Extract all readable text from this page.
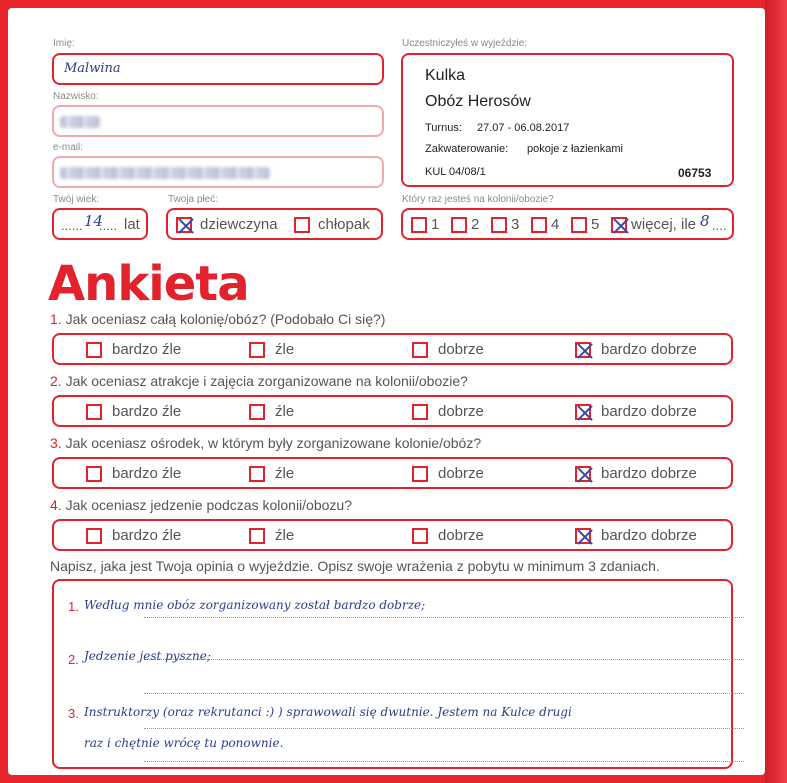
Imię:
Malwina
Nazwisko:
e-mail:
Uczestniczyłeś w wyjeździe:
Kulka
Obóz Herosów
Turnus: 27.07 - 06.08.2017
Zakwaterowanie: pokoje z łazienkami
KUL 04/08/1	06753
Twój wiek:
...... 14
..... lat
Twoja płeć:
dziewczyna	chłopak
Który raz jesteś na kolonii/obozie?
1 2 3 4 5 więcej, ile 8 ....
Ankieta
1. Jak oceniasz całą kolonię/obóz? (Podobało Ci się?)
bardzo źle	źle	dobrze	bardzo dobrze
2. Jak oceniasz atrakcje i zajęcia zorganizowane na kolonii/obozie?
bardzo źle	źle	dobrze	bardzo dobrze
3. Jak oceniasz ośrodek, w którym były zorganizowane kolonie/obóz?
bardzo źle	źle	dobrze	bardzo dobrze
4. Jak oceniasz jedzenie podczas kolonii/obozu?
bardzo źle	źle	dobrze	bardzo dobrze
Napisz, jaka jest Twoja opinia o wyjeździe. Opisz swoje wrażenia z pobytu w minimum 3 zdaniach.
1. Według mnie obóz zorganizowany został bardzo dobrze;
2. Jedzenie jest pyszne;
3. Instruktorzy (oraz rekrutanci :) ) sprawowali się dwutnie. Jestem na Kulce drugi
raz i chętnie wrócę tu ponownie.
